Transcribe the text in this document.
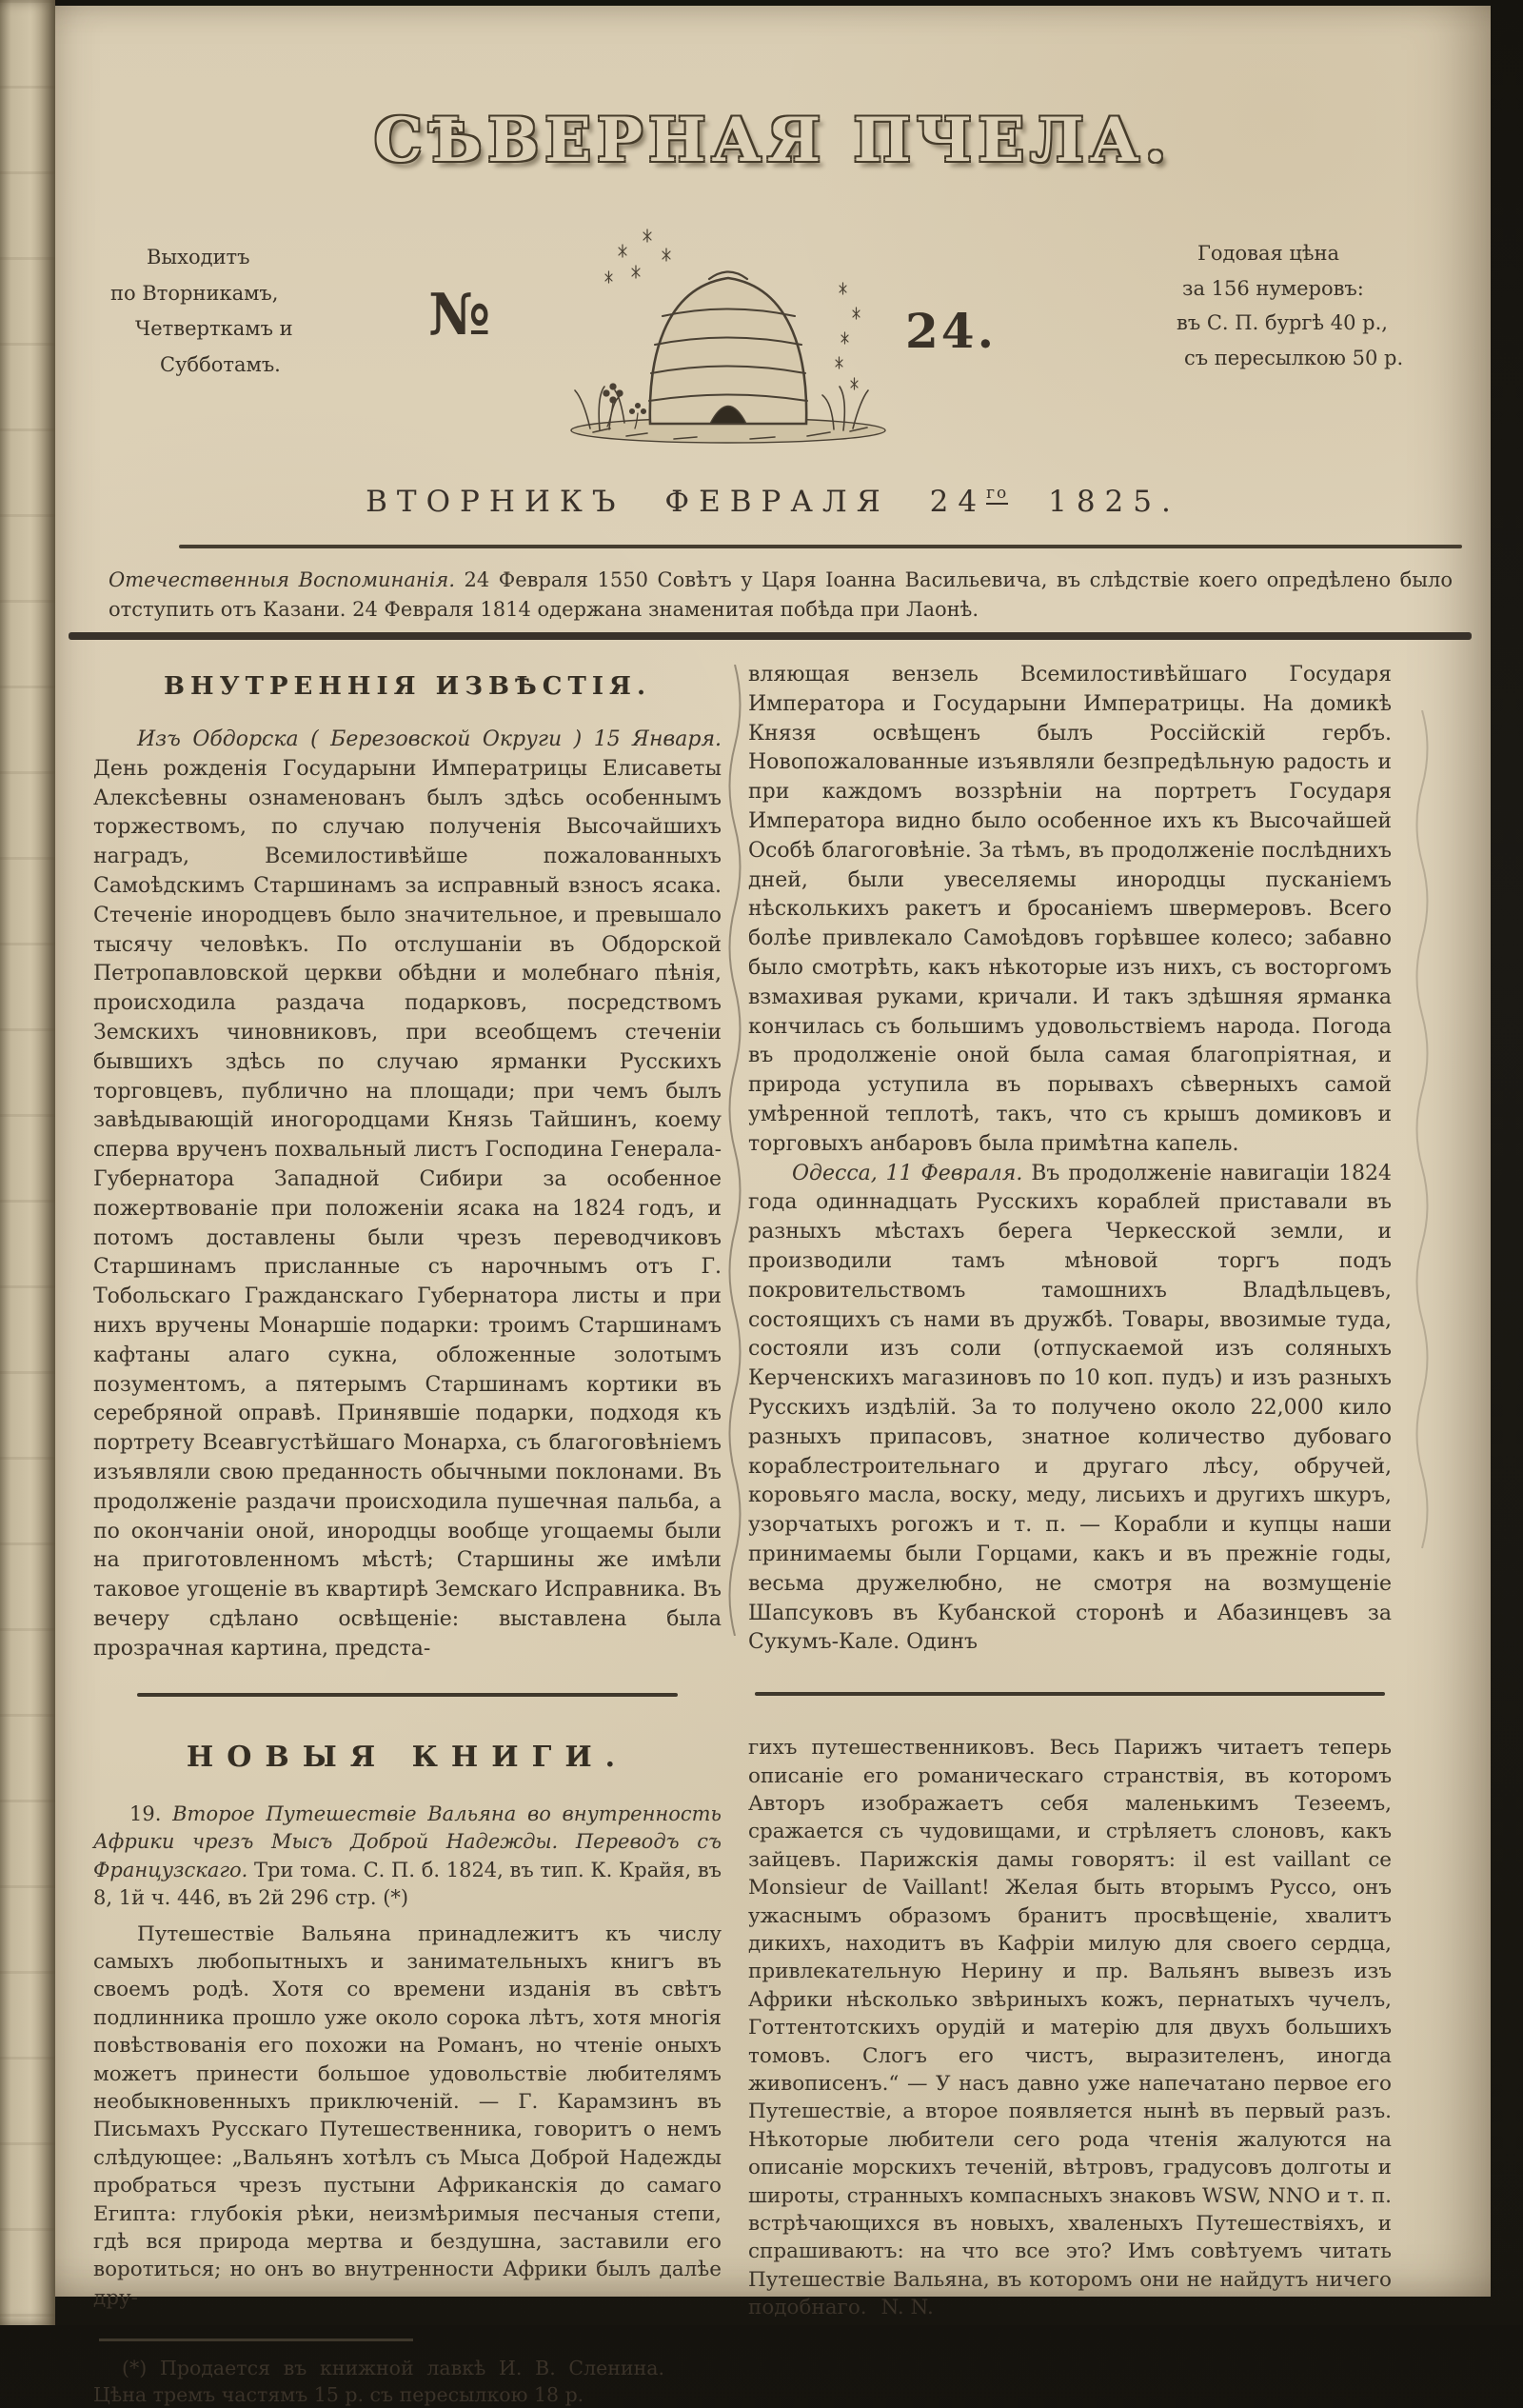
СѢВЕРНАЯ ПЧЕЛА.
Выходитъ
по Вторникамъ,
Четверткамъ и
Субботамъ.
№	24.
Годовая цѣна
за 156 нумеровъ:
въ С. П. бургѣ 40 р.,
съ пересылкою 50 р.
ВТОРНИКЪ ФЕВРАЛЯ $24^{го}$ 1825.

Отечественныя Воспоминанія. 24 Февраля 1550 Совѣтъ у Царя Іоанна Васильевича, въ слѣдствіе коего опредѣлено было отступить отъ Казани. 24 Февраля 1814 одержана знаменитая побѣда при Лаонѣ.

ВНУТРЕННІЯ ИЗВѢСТІЯ.

Изъ Обдорска ( Березовской Округи ) 15 Января. День рожденія Государыни Императрицы Елисаветы Алексѣевны ознаменованъ былъ здѣсь особеннымъ торжествомъ, по случаю полученія Высочайшихъ наградъ, Всемилостивѣйше пожалованныхъ Самоѣдскимъ Старшинамъ за исправный взносъ ясака. Стеченіе инородцевъ было значительное, и превышало тысячу человѣкъ. По отслушаніи въ Обдорской Петропавловской церкви обѣдни и молебнаго пѣнія, происходила раздача подарковъ, посредствомъ Земскихъ чиновниковъ, при всеобщемъ стеченіи бывшихъ здѣсь по случаю ярманки Русскихъ торговцевъ, публично на площади; при чемъ былъ завѣдывающій иногородцами Князь Тайшинъ, коему сперва врученъ похвальный листъ Господина Генерала-Губернатора Западной Сибири за особенное пожертвованіе при положеніи ясака на 1824 годъ, и потомъ доставлены были чрезъ переводчиковъ Старшинамъ присланные съ нарочнымъ отъ Г. Тобольскаго Гражданскаго Губернатора листы и при нихъ вручены Монаршіе подарки: троимъ Старшинамъ кафтаны алаго сукна, обложенные золотымъ позументомъ, а пятерымъ Старшинамъ кортики въ серебряной оправѣ. Принявшіе подарки, подходя къ портрету Всеавгустѣйшаго Монарха, съ благоговѣніемъ изъявляли свою преданность обычными поклонами. Въ продолженіе раздачи происходила пушечная пальба, а по окончаніи оной, инородцы вообще угощаемы были на приготовленномъ мѣстѣ; Старшины же имѣли таковое угощеніе въ квартирѣ Земскаго Исправника. Въ вечеру сдѣлано освѣщеніе: выставлена была прозрачная картина, предста-

НОВЫЯ КНИГИ.

19. Второе Путешествіе Вальяна во внутренность Африки чрезъ Мысъ Доброй Надежды. Переводъ съ Французскаго. Три тома. С. П. б. 1824, въ тип. К. Крайя, въ 8, 1й ч. 446, въ 2й 296 стр. (*)

Путешествіе Вальяна принадлежитъ къ числу самыхъ любопытныхъ и занимательныхъ книгъ въ своемъ родѣ. Хотя со времени изданія въ свѣтъ подлинника прошло уже около сорока лѣтъ, хотя многія повѣствованія его похожи на Романъ, но чтеніе оныхъ можетъ принести большое удовольствіе любителямъ необыкновенныхъ приключеній. — Г. Карамзинъ въ Письмахъ Русскаго Путешественника, говоритъ о немъ слѣдующее: „Вальянъ хотѣлъ съ Мыса Доброй Надежды пробраться чрезъ пустыни Африканскія до самаго Египта: глубокія рѣки, неизмѣримыя песчаныя степи, гдѣ вся природа мертва и бездушна, заставили его воротиться; но онъ во внутренности Африки былъ далѣе дру-

(*) Продается въ книжной лавкѣ И. В. Сленина. Цѣна тремъ частямъ 15 р. съ пересылкою 18 р.

вляющая вензель Всемилостивѣйшаго Государя Императора и Государыни Императрицы. На домикѣ Князя освѣщенъ былъ Россійскій гербъ. Новопожалованные изъявляли безпредѣльную радость и при каждомъ воззрѣніи на портретъ Государя Императора видно было особенное ихъ къ Высочайшей Особѣ благоговѣніе. За тѣмъ, въ продолженіе послѣднихъ дней, были увеселяемы инородцы пусканіемъ нѣсколькихъ ракетъ и бросаніемъ швермеровъ. Всего болѣе привлекало Самоѣдовъ горѣвшее колесо; забавно было смотрѣть, какъ нѣкоторые изъ нихъ, съ восторгомъ взмахивая руками, кричали. И такъ здѣшняя ярманка кончилась съ большимъ удовольствіемъ народа. Погода въ продолженіе оной была самая благопріятная, и природа уступила въ порывахъ сѣверныхъ самой умѣренной теплотѣ, такъ, что съ крышъ домиковъ и торговыхъ анбаровъ была примѣтна капель.

Одесса, 11 Февраля. Въ продолженіе навигаціи 1824 года одиннадцать Русскихъ кораблей приставали въ разныхъ мѣстахъ берега Черкесской земли, и производили тамъ мѣновой торгъ подъ покровительствомъ тамошнихъ Владѣльцевъ, состоящихъ съ нами въ дружбѣ. Товары, ввозимые туда, состояли изъ соли (отпускаемой изъ соляныхъ Керченскихъ магазиновъ по 10 коп. пудъ) и изъ разныхъ Русскихъ издѣлій. За то получено около 22,000 кило разныхъ припасовъ, знатное количество дубоваго кораблестроительнаго и другаго лѣсу, обручей, коровьяго масла, воску, меду, лисьихъ и другихъ шкуръ, узорчатыхъ рогожъ и т. п. — Корабли и купцы наши принимаемы были Горцами, какъ и въ прежніе годы, весьма дружелюбно, не смотря на возмущеніе Шапсуковъ въ Кубанской сторонѣ и Абазинцевъ за Сукумъ-Кале. Одинъ

гихъ путешественниковъ. Весь Парижъ читаетъ теперь описаніе его романическаго странствія, въ которомъ Авторъ изображаетъ себя маленькимъ Тезеемъ, сражается съ чудовищами, и стрѣляетъ слоновъ, какъ зайцевъ. Парижскія дамы говорятъ: il est vaillant ce Monsieur de Vaillant! Желая быть вторымъ Руссо, онъ ужаснымъ образомъ бранитъ просвѣщеніе, хвалитъ дикихъ, находитъ въ Кафріи милую для своего сердца, привлекательную Нерину и пр. Вальянъ вывезъ изъ Африки нѣсколько звѣриныхъ кожъ, пернатыхъ чучелъ, Готтентотскихъ орудій и матерію для двухъ большихъ томовъ. Слогъ его чистъ, выразителенъ, иногда живописенъ.“ — У насъ давно уже напечатано первое его Путешествіе, а второе появляется нынѣ въ первый разъ. Нѣкоторые любители сего рода чтенія жалуются на описаніе морскихъ теченій, вѣтровъ, градусовъ долготы и широты, странныхъ компасныхъ знаковъ WSW, NNO и т. п. встрѣчающихся въ новыхъ, хваленыхъ Путешествіяхъ, и спрашиваютъ: на что все это? Имъ совѣтуемъ читать Путешествіе Вальяна, въ которомъ они не найдутъ ничего подобнаго. N. N.
